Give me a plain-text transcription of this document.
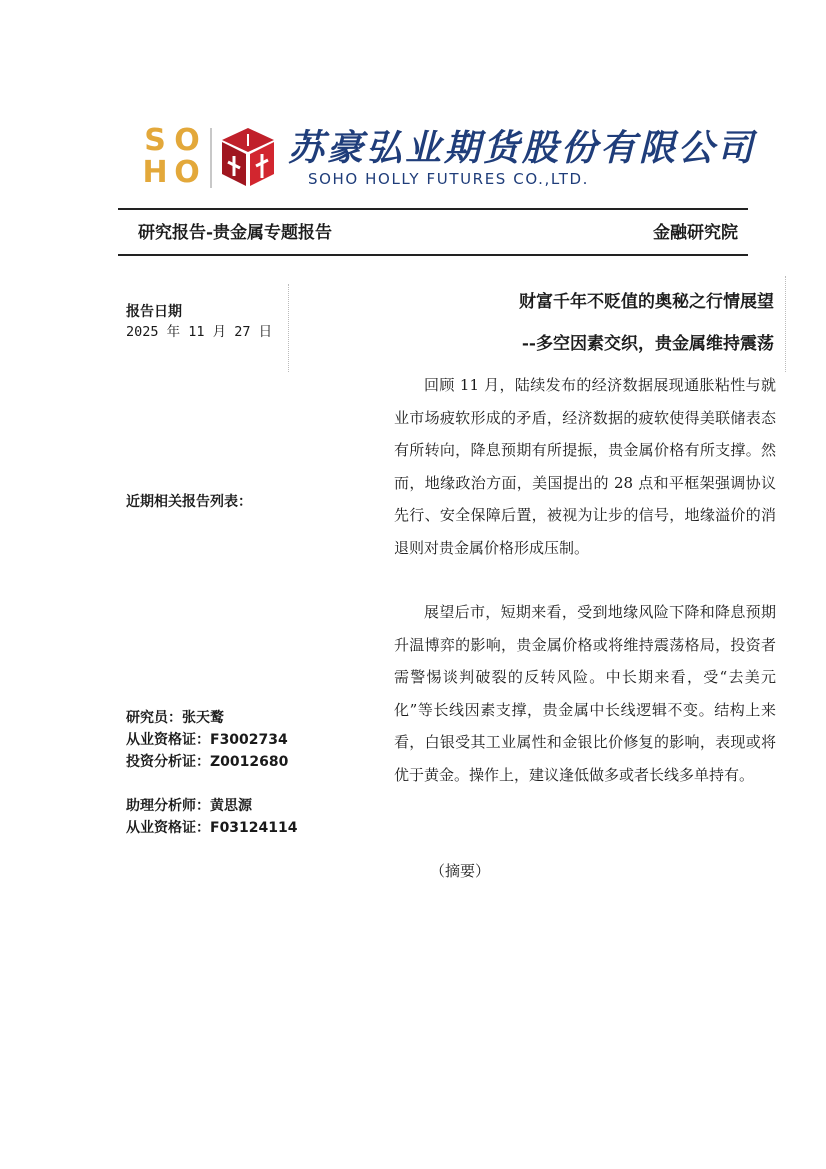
S O
H O
苏豪弘业期货股份有限公司
SOHO HOLLY FUTURES CO.,LTD.
研究报告-贵金属专题报告	金融研究院
报告日期
2025 年 11 月 27 日
近期相关报告列表：
研究员：张天鹜
从业资格证：F3002734
投资分析证：Z0012680
助理分析师：黄思源
从业资格证：F03124114
财富千年不贬值的奥秘之行情展望
--多空因素交织，贵金属维持震荡

回顾 11 月，陆续发布的经济数据展现通胀粘性与就业市场疲软形成的矛盾，经济数据的疲软使得美联储表态有所转向，降息预期有所提振，贵金属价格有所支撑。然而，地缘政治方面，美国提出的 28 点和平框架强调协议先行、安全保障后置，被视为让步的信号，地缘溢价的消退则对贵金属价格形成压制。

展望后市，短期来看，受到地缘风险下降和降息预期升温博弈的影响，贵金属价格或将维持震荡格局，投资者需警惕谈判破裂的反转风险。中长期来看，受“去美元化”等长线因素支撑，贵金属中长线逻辑不变。结构上来看，白银受其工业属性和金银比价修复的影响，表现或将优于黄金。操作上，建议逢低做多或者长线多单持有。

（摘要）
